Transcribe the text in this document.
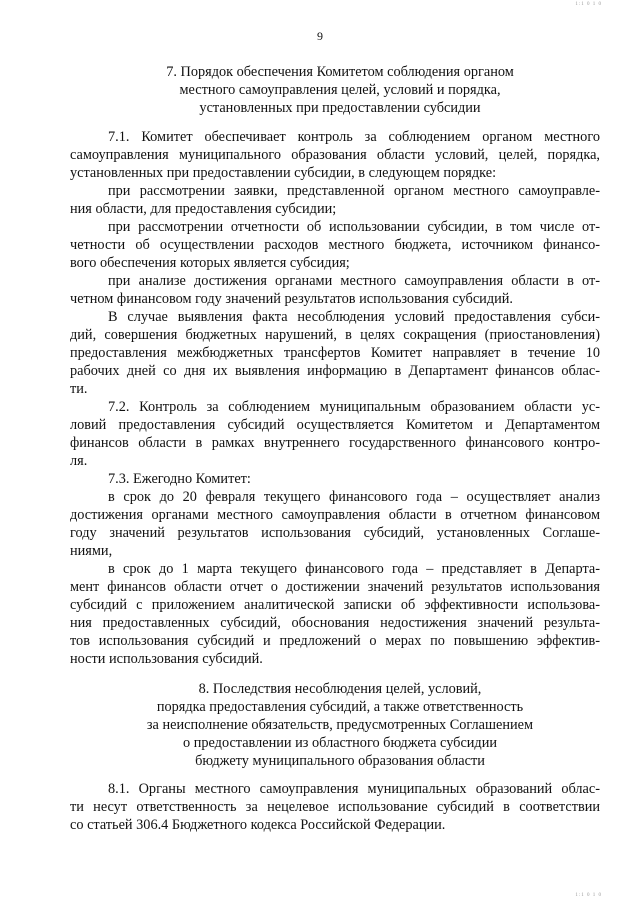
1:1 0 1 0
9
7. Порядок обеспечения Комитетом соблюдения органом
местного самоуправления целей, условий и порядка,
установленных при предоставлении субсидии
7.1. Комитет обеспечивает контроль за соблюдением органом местного
самоуправления муниципального образования области условий, целей, порядка,
установленных при предоставлении субсидии, в следующем порядке:
при рассмотрении заявки, представленной органом местного самоуправле-
ния области, для предоставления субсидии;
при рассмотрении отчетности об использовании субсидии, в том числе от-
четности об осуществлении расходов местного бюджета, источником финансо-
вого обеспечения которых является субсидия;
при анализе достижения органами местного самоуправления области в от-
четном финансовом году значений результатов использования субсидий.
В случае выявления факта несоблюдения условий предоставления субси-
дий, совершения бюджетных нарушений, в целях сокращения (приостановления)
предоставления межбюджетных трансфертов Комитет направляет в течение 10
рабочих дней со дня их выявления информацию в Департамент финансов облас-
ти.
7.2. Контроль за соблюдением муниципальным образованием области ус-
ловий предоставления субсидий осуществляется Комитетом и Департаментом
финансов области в рамках внутреннего государственного финансового контро-
ля.
7.3. Ежегодно Комитет:
в срок до 20 февраля текущего финансового года – осуществляет анализ
достижения органами местного самоуправления области в отчетном финансовом
году значений результатов использования субсидий, установленных Соглаше-
ниями,
в срок до 1 марта текущего финансового года – представляет в Департа-
мент финансов области отчет о достижении значений результатов использования
субсидий с приложением аналитической записки об эффективности использова-
ния предоставленных субсидий, обоснования недостижения значений результа-
тов использования субсидий и предложений о мерах по повышению эффектив-
ности использования субсидий.
8. Последствия несоблюдения целей, условий,
порядка предоставления субсидий, а также ответственность
за неисполнение обязательств, предусмотренных Соглашением
о предоставлении из областного бюджета субсидии
бюджету муниципального образования области
8.1. Органы местного самоуправления муниципальных образований облас-
ти несут ответственность за нецелевое использование субсидий в соответствии
со статьей 306.4 Бюджетного кодекса Российской Федерации.
1:1 0 1 0
